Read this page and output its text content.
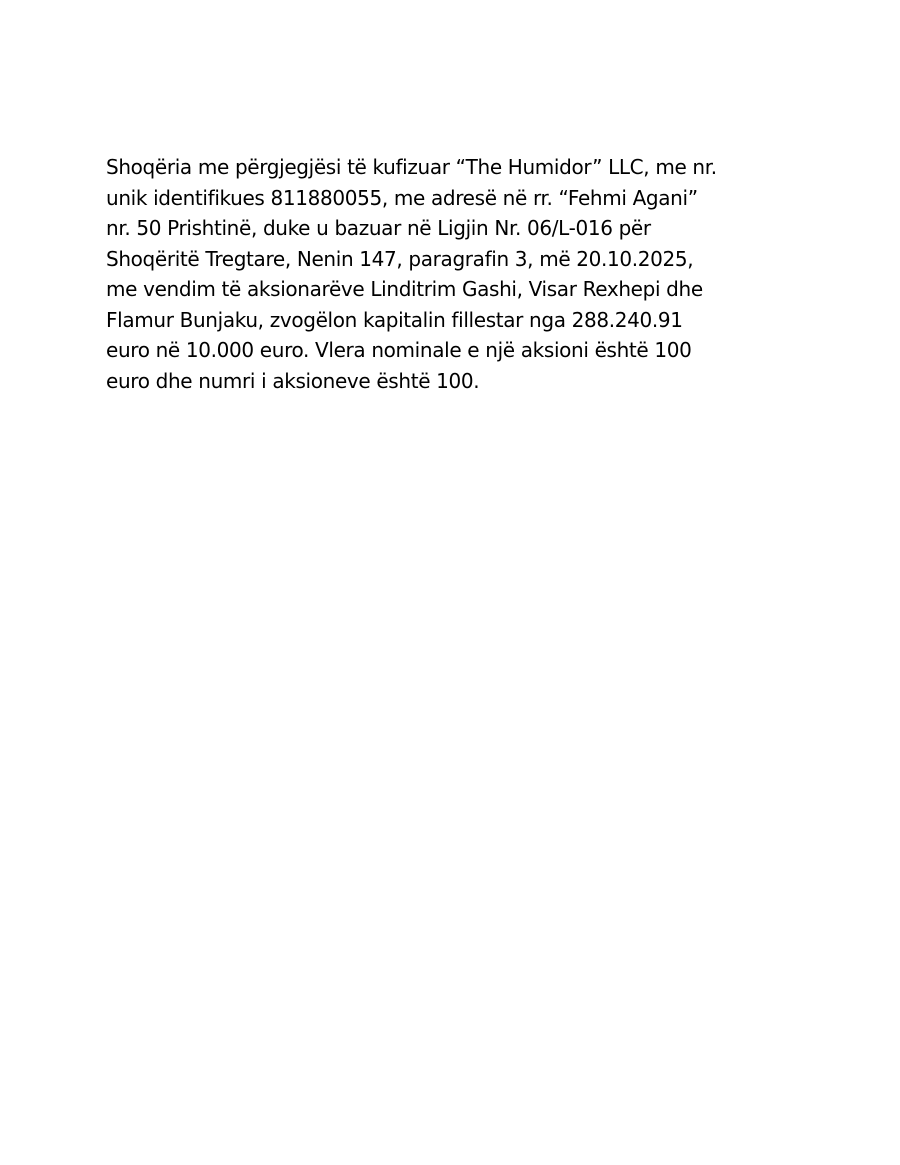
Shoqëria me përgjegjësi të kufizuar “The Humidor” LLC, me nr.
unik identifikues 811880055, me adresë në rr. “Fehmi Agani”
nr. 50 Prishtinë, duke u bazuar në Ligjin Nr. 06/L-016 për
Shoqëritë Tregtare, Nenin 147, paragrafin 3, më 20.10.2025,
me vendim të aksionarëve Linditrim Gashi, Visar Rexhepi dhe
Flamur Bunjaku, zvogëlon kapitalin fillestar nga 288.240.91
euro në 10.000 euro. Vlera nominale e një aksioni është 100
euro dhe numri i aksioneve është 100.
